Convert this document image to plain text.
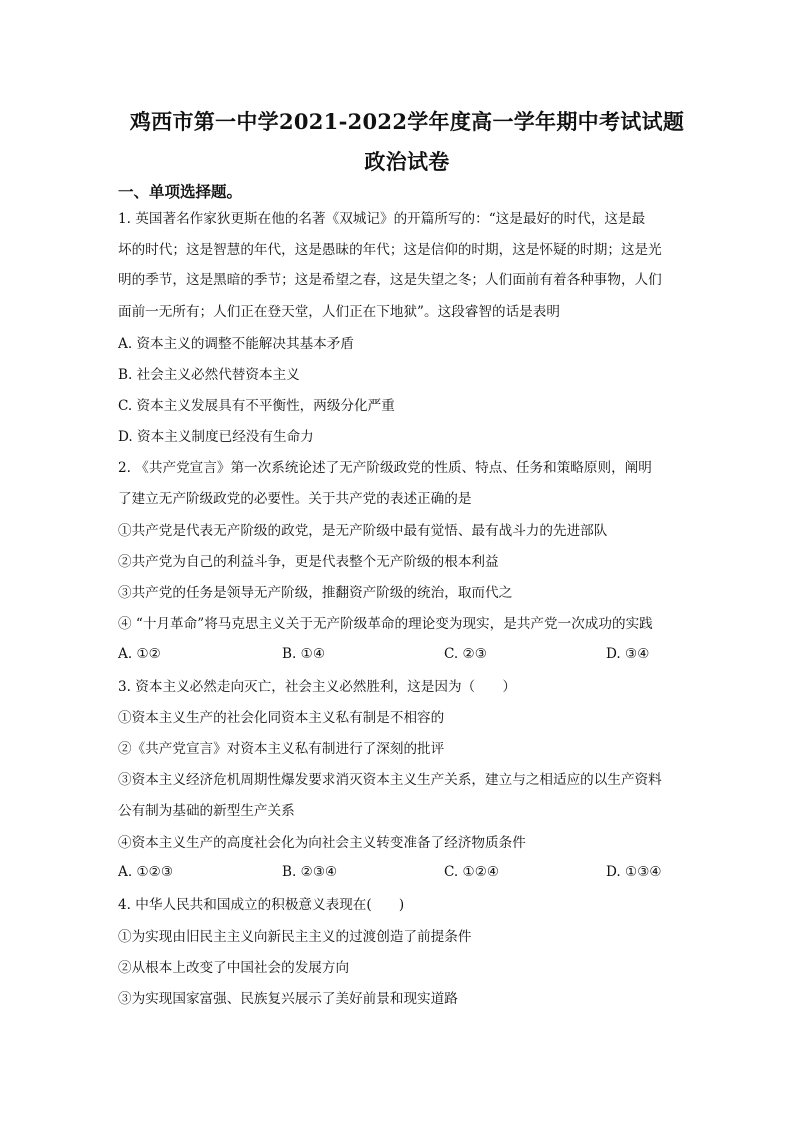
鸡西市第一中学2021-2022学年度高一学年期中考试试题
政治试卷
一、单项选择题。
1. 英国著名作家狄更斯在他的名著《双城记》的开篇所写的：“这是最好的时代，这是最
坏的时代；这是智慧的年代，这是愚昧的年代；这是信仰的时期，这是怀疑的时期；这是光
明的季节，这是黑暗的季节；这是希望之春，这是失望之冬；人们面前有着各种事物，人们
面前一无所有；人们正在登天堂，人们正在下地狱”。这段睿智的话是表明
A. 资本主义的调整不能解决其基本矛盾
B. 社会主义必然代替资本主义
C. 资本主义发展具有不平衡性，两级分化严重
D. 资本主义制度已经没有生命力
2. 《共产党宣言》第一次系统论述了无产阶级政党的性质、特点、任务和策略原则，阐明
了建立无产阶级政党的必要性。关于共产党的表述正确的是
①共产党是代表无产阶级的政党，是无产阶级中最有觉悟、最有战斗力的先进部队
②共产党为自己的利益斗争，更是代表整个无产阶级的根本利益
③共产党的任务是领导无产阶级，推翻资产阶级的统治，取而代之
④ “十月革命”将马克思主义关于无产阶级革命的理论变为现实，是共产党一次成功的实践
A. ①②	B. ①④	C. ②③	D. ③④
3. 资本主义必然走向灭亡，社会主义必然胜利，这是因为（　　）
①资本主义生产的社会化同资本主义私有制是不相容的
②《共产党宣言》对资本主义私有制进行了深刻的批评
③资本主义经济危机周期性爆发要求消灭资本主义生产关系，建立与之相适应的以生产资料
公有制为基础的新型生产关系
④资本主义生产的高度社会化为向社会主义转变准备了经济物质条件
A. ①②③	B. ②③④	C. ①②④	D. ①③④
4. 中华人民共和国成立的积极意义表现在(　　)
①为实现由旧民主主义向新民主主义的过渡创造了前提条件
②从根本上改变了中国社会的发展方向
③为实现国家富强、民族复兴展示了美好前景和现实道路
